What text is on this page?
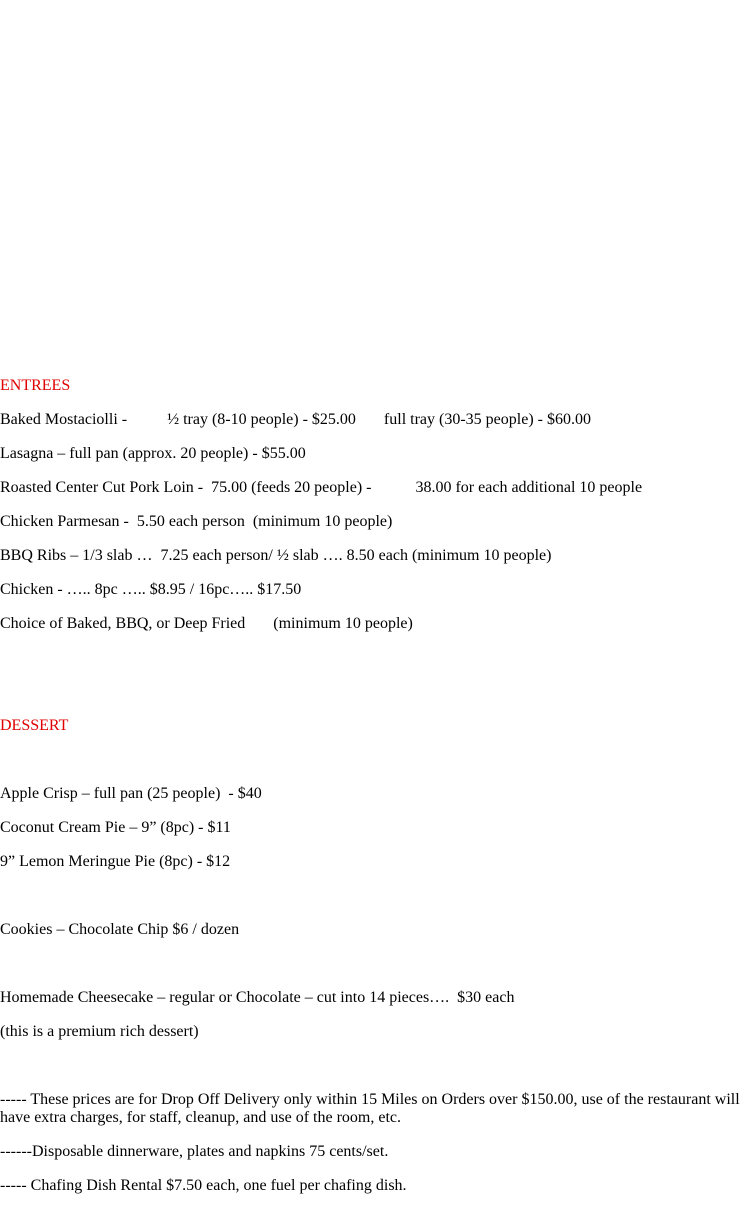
ENTREES
Baked Mostaciolli -          ½ tray (8-10 people) - $25.00       full tray (30-35 people) - $60.00
Lasagna – full pan (approx. 20 people) - $55.00
Roasted Center Cut Pork Loin -  75.00 (feeds 20 people) -           38.00 for each additional 10 people
Chicken Parmesan -  5.50 each person  (minimum 10 people)
BBQ Ribs – 1/3 slab …  7.25 each person/ ½ slab …. 8.50 each (minimum 10 people)
Chicken - ….. 8pc ….. $8.95 / 16pc….. $17.50
Choice of Baked, BBQ, or Deep Fried       (minimum 10 people)
DESSERT
Apple Crisp – full pan (25 people)  - $40
Coconut Cream Pie – 9” (8pc) - $11
9” Lemon Meringue Pie (8pc) - $12
Cookies – Chocolate Chip $6 / dozen
Homemade Cheesecake – regular or Chocolate – cut into 14 pieces….  $30 each
(this is a premium rich dessert)
----- These prices are for Drop Off Delivery only within 15 Miles on Orders over $150.00, use of the restaurant will have extra charges, for staff, cleanup, and use of the room, etc.
------Disposable dinnerware, plates and napkins 75 cents/set.
----- Chafing Dish Rental $7.50 each, one fuel per chafing dish.
